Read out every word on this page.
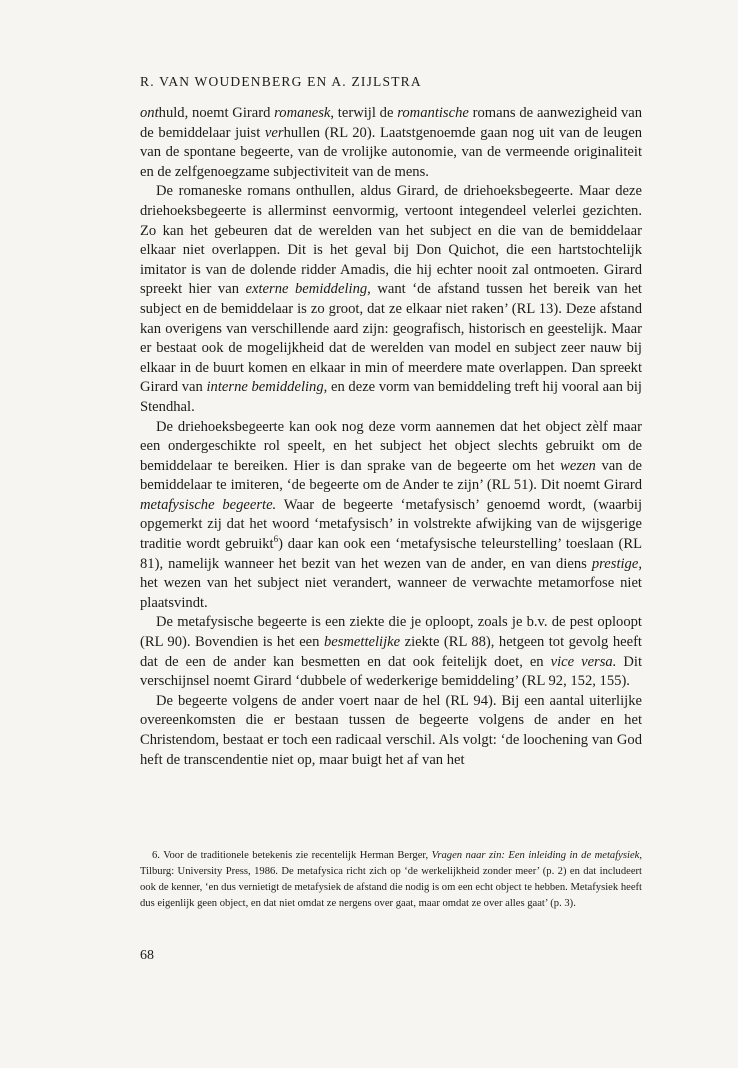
R. VAN WOUDENBERG EN A. ZIJLSTRA

onthuld, noemt Girard romanesk, terwijl de romantische romans de aanwezigheid van de bemiddelaar juist verhullen (RL 20). Laatstgenoemde gaan nog uit van de leugen van de spontane begeerte, van de vrolijke autonomie, van de vermeende originaliteit en de zelfgenoegzame subjectiviteit van de mens.

De romaneske romans onthullen, aldus Girard, de driehoeksbegeerte. Maar deze driehoeksbegeerte is allerminst eenvormig, vertoont integendeel velerlei gezichten. Zo kan het gebeuren dat de werelden van het subject en die van de bemiddelaar elkaar niet overlappen. Dit is het geval bij Don Quichot, die een hartstochtelijk imitator is van de dolende ridder Amadis, die hij echter nooit zal ontmoeten. Girard spreekt hier van externe bemiddeling, want ‘de afstand tussen het bereik van het subject en de bemiddelaar is zo groot, dat ze elkaar niet raken’ (RL 13). Deze afstand kan overigens van verschillende aard zijn: geografisch, historisch en geestelijk. Maar er bestaat ook de mogelijkheid dat de werelden van model en subject zeer nauw bij elkaar in de buurt komen en elkaar in min of meerdere mate overlappen. Dan spreekt Girard van interne bemiddeling, en deze vorm van bemiddeling treft hij vooral aan bij Stendhal.

De driehoeksbegeerte kan ook nog deze vorm aannemen dat het object zèlf maar een ondergeschikte rol speelt, en het subject het object slechts gebruikt om de bemiddelaar te bereiken. Hier is dan sprake van de begeerte om het wezen van de bemiddelaar te imiteren, ‘de begeerte om de Ander te zijn’ (RL 51). Dit noemt Girard metafysische begeerte. Waar de begeerte ‘metafysisch’ genoemd wordt, (waarbij opgemerkt zij dat het woord ‘metafysisch’ in volstrekte afwijking van de wijsgerige traditie wordt gebruikt$^6$) daar kan ook een ‘metafysische teleurstelling’ toeslaan (RL 81), namelijk wanneer het bezit van het wezen van de ander, en van diens prestige, het wezen van het subject niet verandert, wanneer de verwachte metamorfose niet plaatsvindt.

De metafysische begeerte is een ziekte die je oploopt, zoals je b.v. de pest oploopt (RL 90). Bovendien is het een besmettelijke ziekte (RL 88), hetgeen tot gevolg heeft dat de een de ander kan besmetten en dat ook feitelijk doet, en vice versa. Dit verschijnsel noemt Girard ‘dubbele of wederkerige bemiddeling’ (RL 92, 152, 155).

De begeerte volgens de ander voert naar de hel (RL 94). Bij een aantal uiterlijke overeenkomsten die er bestaan tussen de begeerte volgens de ander en het Christendom, bestaat er toch een radicaal verschil. Als volgt: ‘de loochening van God heft de transcendentie niet op, maar buigt het af van het

6. Voor de traditionele betekenis zie recentelijk Herman Berger, Vragen naar zin: Een inleiding in de metafysiek, Tilburg: University Press, 1986. De metafysica richt zich op ‘de werkelijkheid zonder meer’ (p. 2) en dat includeert ook de kenner, ‘en dus vernietigt de metafysiek de afstand die nodig is om een echt object te hebben. Metafysiek heeft dus eigenlijk geen object, en dat niet omdat ze nergens over gaat, maar omdat ze over alles gaat’ (p. 3).

68
